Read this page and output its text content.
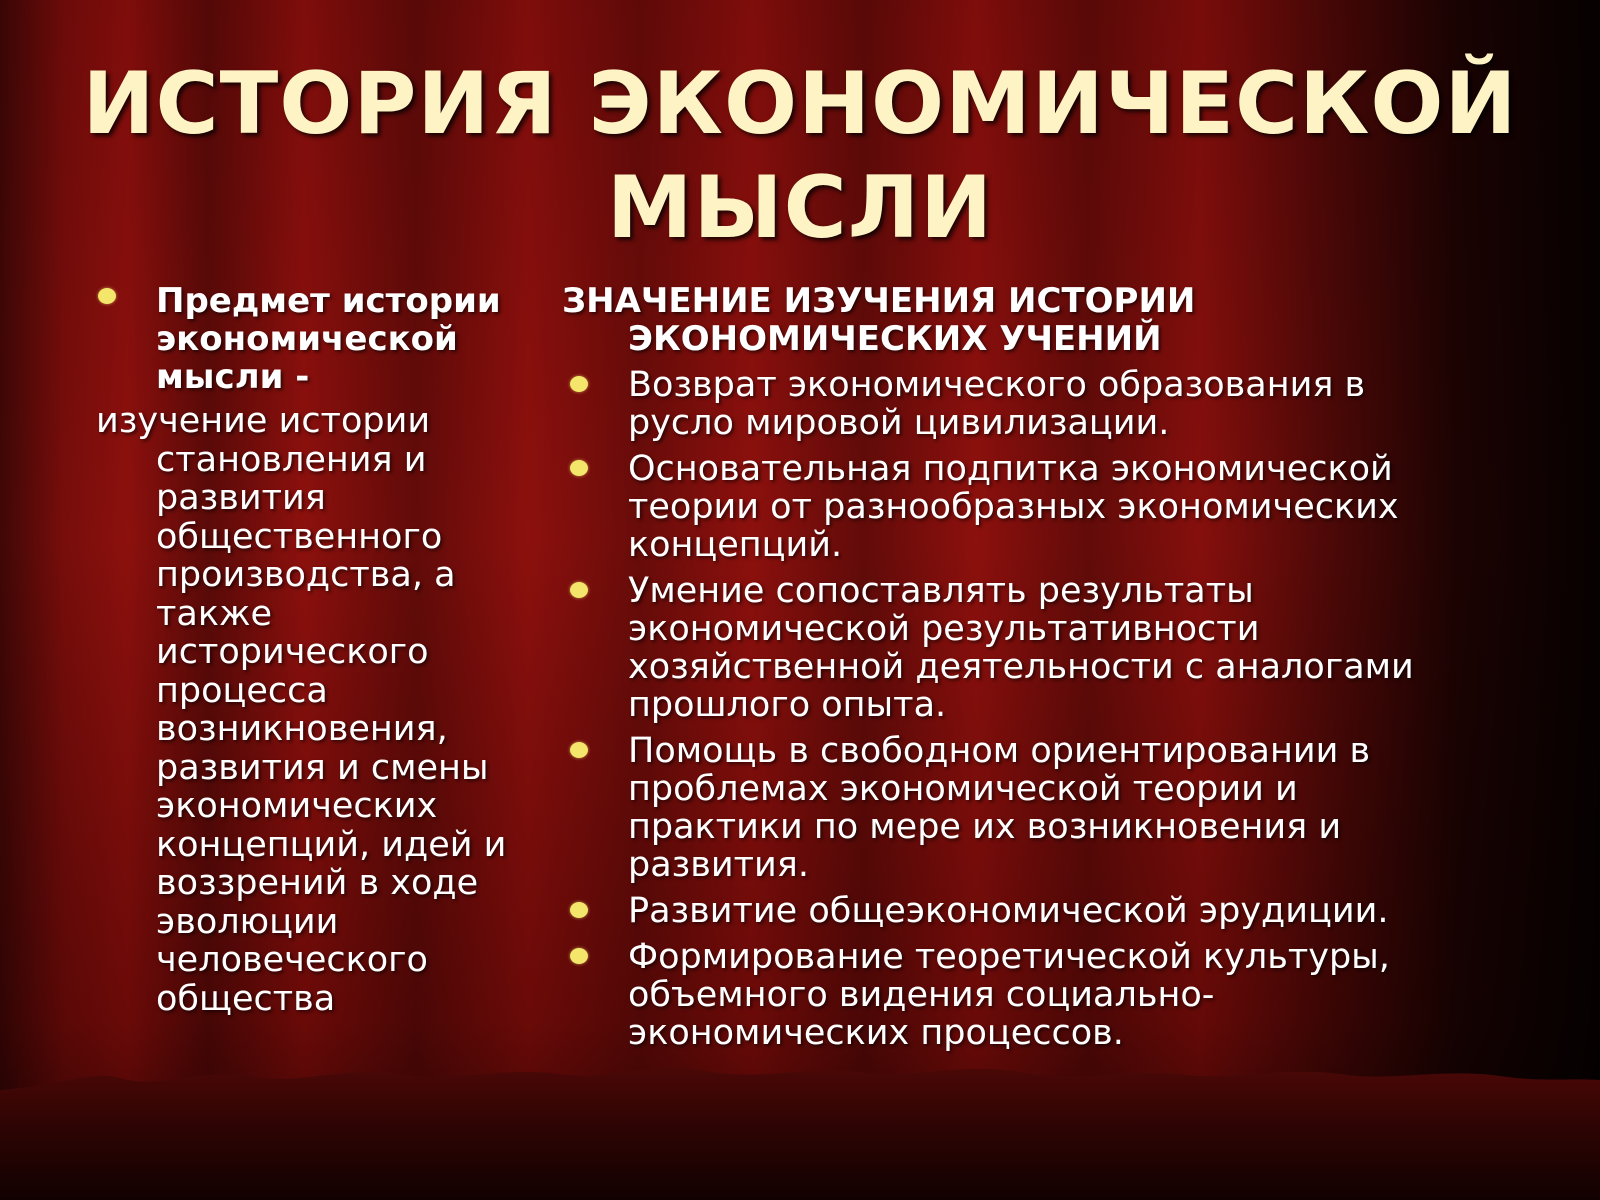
ИСТОРИЯ ЭКОНОМИЧЕСКОЙ
МЫСЛИ

Предмет истории экономической мысли -

изучение истории становления и развития общественного производства, а также исторического процесса возникновения, развития и смены экономических концепций, идей и воззрений в ходе эволюции человеческого общества

ЗНАЧЕНИЕ ИЗУЧЕНИЯ ИСТОРИИ ЭКОНОМИЧЕСКИХ УЧЕНИЙ

Возврат экономического образования в русло мировой цивилизации.
Основательная подпитка экономической теории от разнообразных экономических концепций.
Умение сопоставлять результаты экономической результативности хозяйственной деятельности с аналогами прошлого опыта.
Помощь в свободном ориентировании в проблемах экономической теории и практики по мере их возникновения и развития.
Развитие общеэкономической эрудиции.
Формирование теоретической культуры, объемного видения социально-экономических процессов.
